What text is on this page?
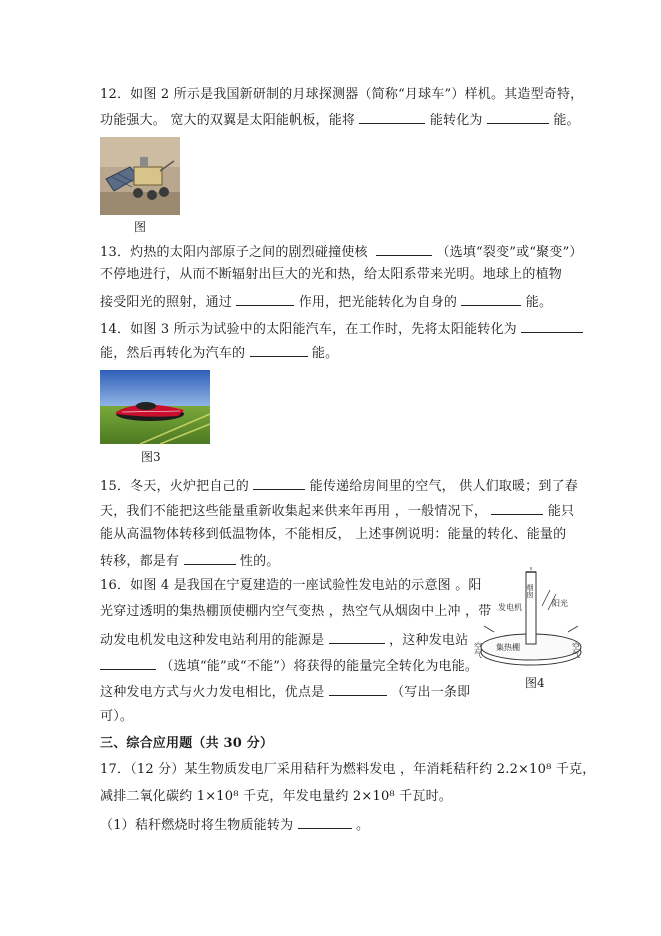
12．如图 2 所示是我国新研制的月球探测器（简称“月球车”）样机。其造型奇特，
功能强大。 宽大的双翼是太阳能帆板，能将	能转化为	能。
图
13．灼热的太阳内部原子之间的剧烈碰撞使核	（选填“裂变”或“聚变”）
不停地进行，从而不断辐射出巨大的光和热，给太阳系带来光明。地球上的植物
接受阳光的照射，通过	作用，把光能转化为自身的	能。
14．如图 3 所示为试验中的太阳能汽车，在工作时，先将太阳能转化为
能，然后再转化为汽车的	能。
图3
15．冬天，火炉把自己的	能传递给房间里的空气， 供人们取暖；到了春
天，我们不能把这些能量重新收集起来供来年再用 ，一般情况下，	能只
能从高温物体转移到低温物体，不能相反， 上述事例说明：能量的转化、能量的
转移，都是有	性的。
16．如图 4 是我国在宁夏建造的一座试验性发电站的示意图 。阳
光穿过透明的集热棚顶使棚内空气变热 ，热空气从烟囱中上冲 ，带
动发电机发电这种发电站利用的能源是	，这种发电站
（选填“能”或“不能”）将获得的能量完全转化为电能。
这种发电方式与火力发电相比，优点是	（写出一条即
可）。
烟囱
发电机	阳光
空气	空气
集热棚
图4
三、综合应用题（共 30 分）
17．（12 分）某生物质发电厂采用秸秆为燃料发电 ，年消耗秸秆约 2.2×10⁸ 千克，
减排二氧化碳约 1×10⁸ 千克，年发电量约 2×10⁸ 千瓦时。
（1）秸秆燃烧时将生物质能转为	。
